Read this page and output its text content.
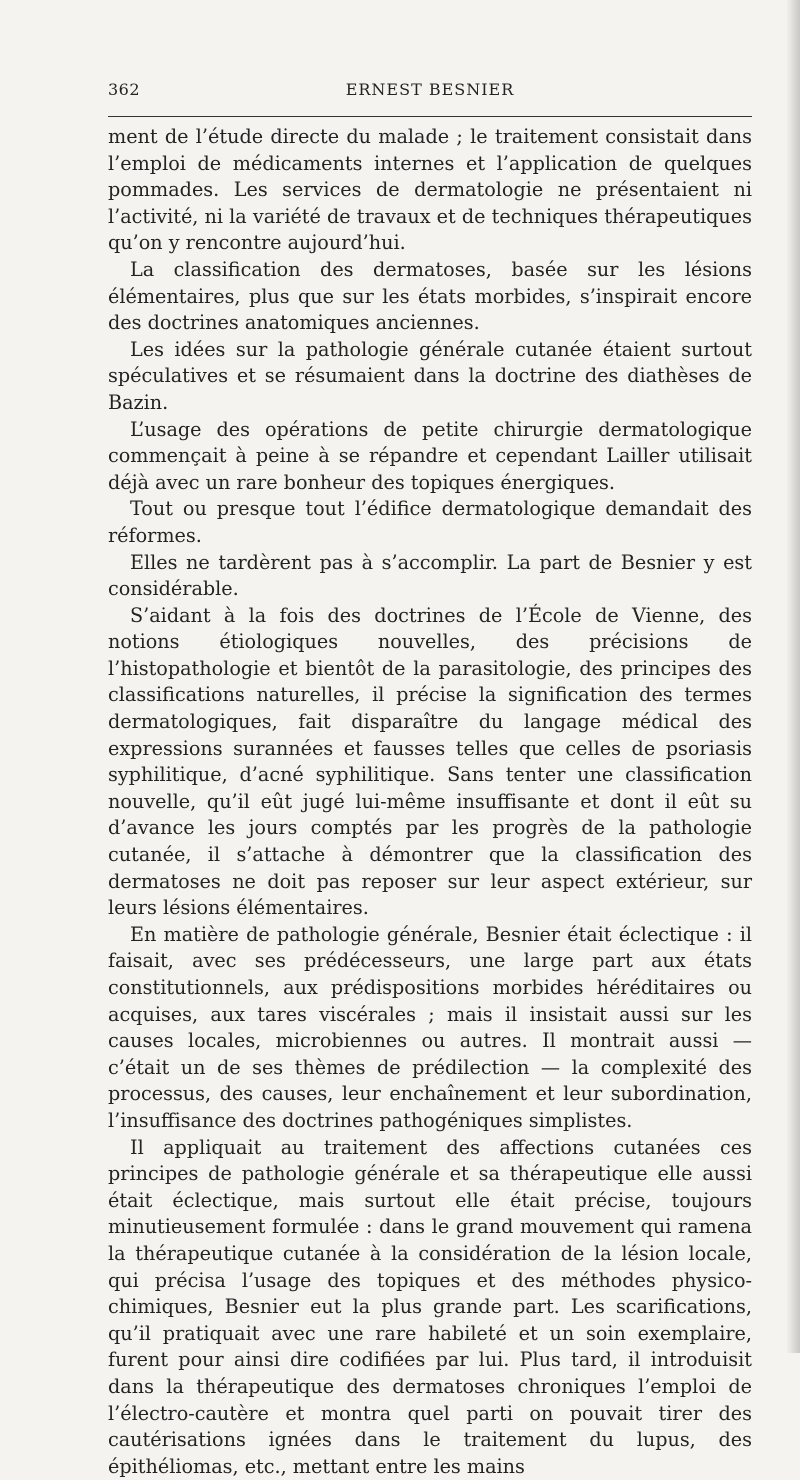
362	ERNEST BESNIER

ment de l’étude directe du malade ; le traitement consistait dans l’emploi de médicaments internes et l’application de quelques pommades. Les services de dermatologie ne présentaient ni l’activité, ni la variété de travaux et de techniques thérapeutiques qu’on y rencontre aujourd’hui.

La classification des dermatoses, basée sur les lésions élémentaires, plus que sur les états morbides, s’inspirait encore des doctrines anatomiques anciennes.

Les idées sur la pathologie générale cutanée étaient surtout spéculatives et se résumaient dans la doctrine des diathèses de Bazin.

L’usage des opérations de petite chirurgie dermatologique commençait à peine à se répandre et cependant Lailler utilisait déjà avec un rare bonheur des topiques énergiques.

Tout ou presque tout l’édifice dermatologique demandait des réformes.

Elles ne tardèrent pas à s’accomplir. La part de Besnier y est considérable.

S’aidant à la fois des doctrines de l’École de Vienne, des notions étiologiques nouvelles, des précisions de l’histopathologie et bientôt de la parasitologie, des principes des classifications naturelles, il précise la signification des termes dermatologiques, fait disparaître du langage médical des expressions surannées et fausses telles que celles de psoriasis syphilitique, d’acné syphilitique. Sans tenter une classification nouvelle, qu’il eût jugé lui-même insuffisante et dont il eût su d’avance les jours comptés par les progrès de la pathologie cutanée, il s’attache à démontrer que la classification des dermatoses ne doit pas reposer sur leur aspect extérieur, sur leurs lésions élémentaires.

En matière de pathologie générale, Besnier était éclectique : il faisait, avec ses prédécesseurs, une large part aux états constitutionnels, aux prédispositions morbides héréditaires ou acquises, aux tares viscérales ; mais il insistait aussi sur les causes locales, microbiennes ou autres. Il montrait aussi — c’était un de ses thèmes de prédilection — la complexité des processus, des causes, leur enchaînement et leur subordination, l’insuffisance des doctrines pathogéniques simplistes.

Il appliquait au traitement des affections cutanées ces principes de pathologie générale et sa thérapeutique elle aussi était éclectique, mais surtout elle était précise, toujours minutieusement formulée : dans le grand mouvement qui ramena la thérapeutique cutanée à la considération de la lésion locale, qui précisa l’usage des topiques et des méthodes physico-chimiques, Besnier eut la plus grande part. Les scarifications, qu’il pratiquait avec une rare habileté et un soin exemplaire, furent pour ainsi dire codifiées par lui. Plus tard, il introduisit dans la thérapeutique des dermatoses chroniques l’emploi de l’électro-cautère et montra quel parti on pouvait tirer des cautérisations ignées dans le traitement du lupus, des épithéliomas, etc., mettant entre les mains
